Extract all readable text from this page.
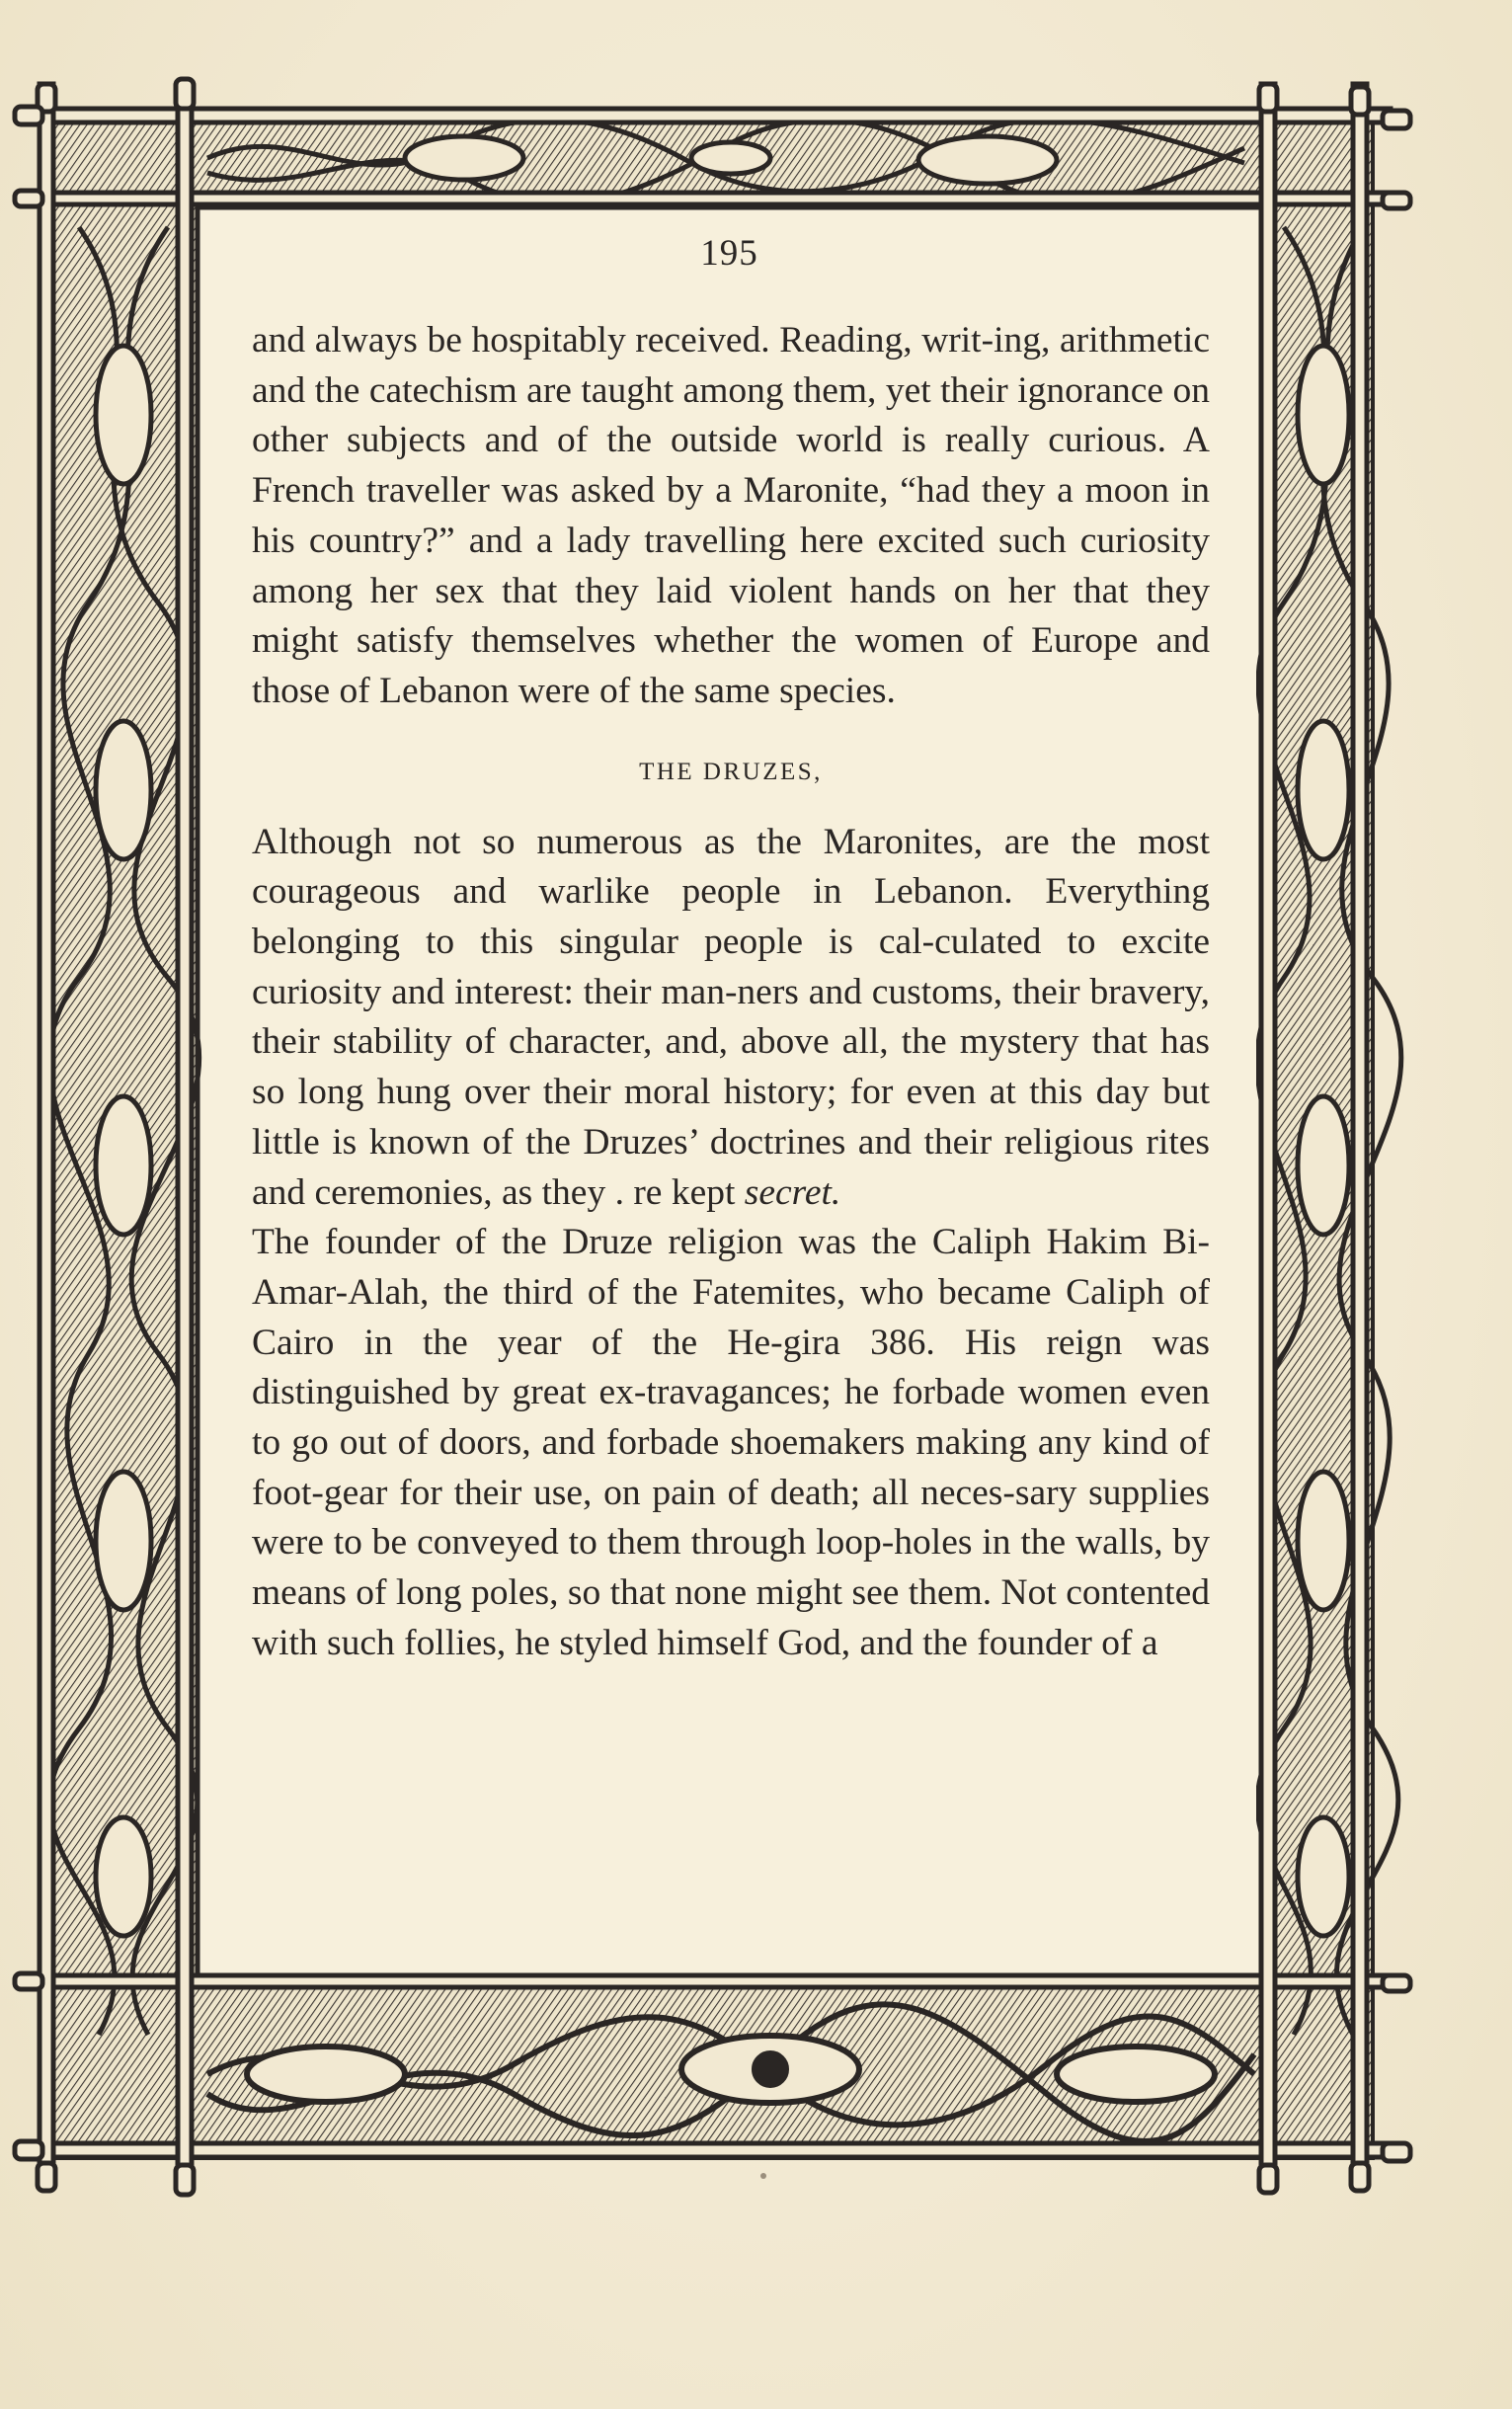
195

and always be hospitably received. Reading, writ-ing, arithmetic and the catechism are taught among them, yet their ignorance on other subjects and of the outside world is really curious. A French traveller was asked by a Maronite, “had they a moon in his country?” and a lady travelling here excited such curiosity among her sex that they laid violent hands on her that they might satisfy themselves whether the women of Europe and those of Lebanon were of the same species.

THE DRUZES,

Although not so numerous as the Maronites, are the most courageous and warlike people in Lebanon. Everything belonging to this singular people is cal-culated to excite curiosity and interest: their man-ners and customs, their bravery, their stability of character, and, above all, the mystery that has so long hung over their moral history; for even at this day but little is known of the Druzes’ doctrines and their religious rites and ceremonies, as they . re kept secret.

The founder of the Druze religion was the Caliph Hakim Bi-Amar-Alah, the third of the Fatemites, who became Caliph of Cairo in the year of the He-gira 386. His reign was distinguished by great ex-travagances; he forbade women even to go out of doors, and forbade shoemakers making any kind of foot-gear for their use, on pain of death; all neces-sary supplies were to be conveyed to them through loop-holes in the walls, by means of long poles, so that none might see them. Not contented with such follies, he styled himself God, and the founder of a
